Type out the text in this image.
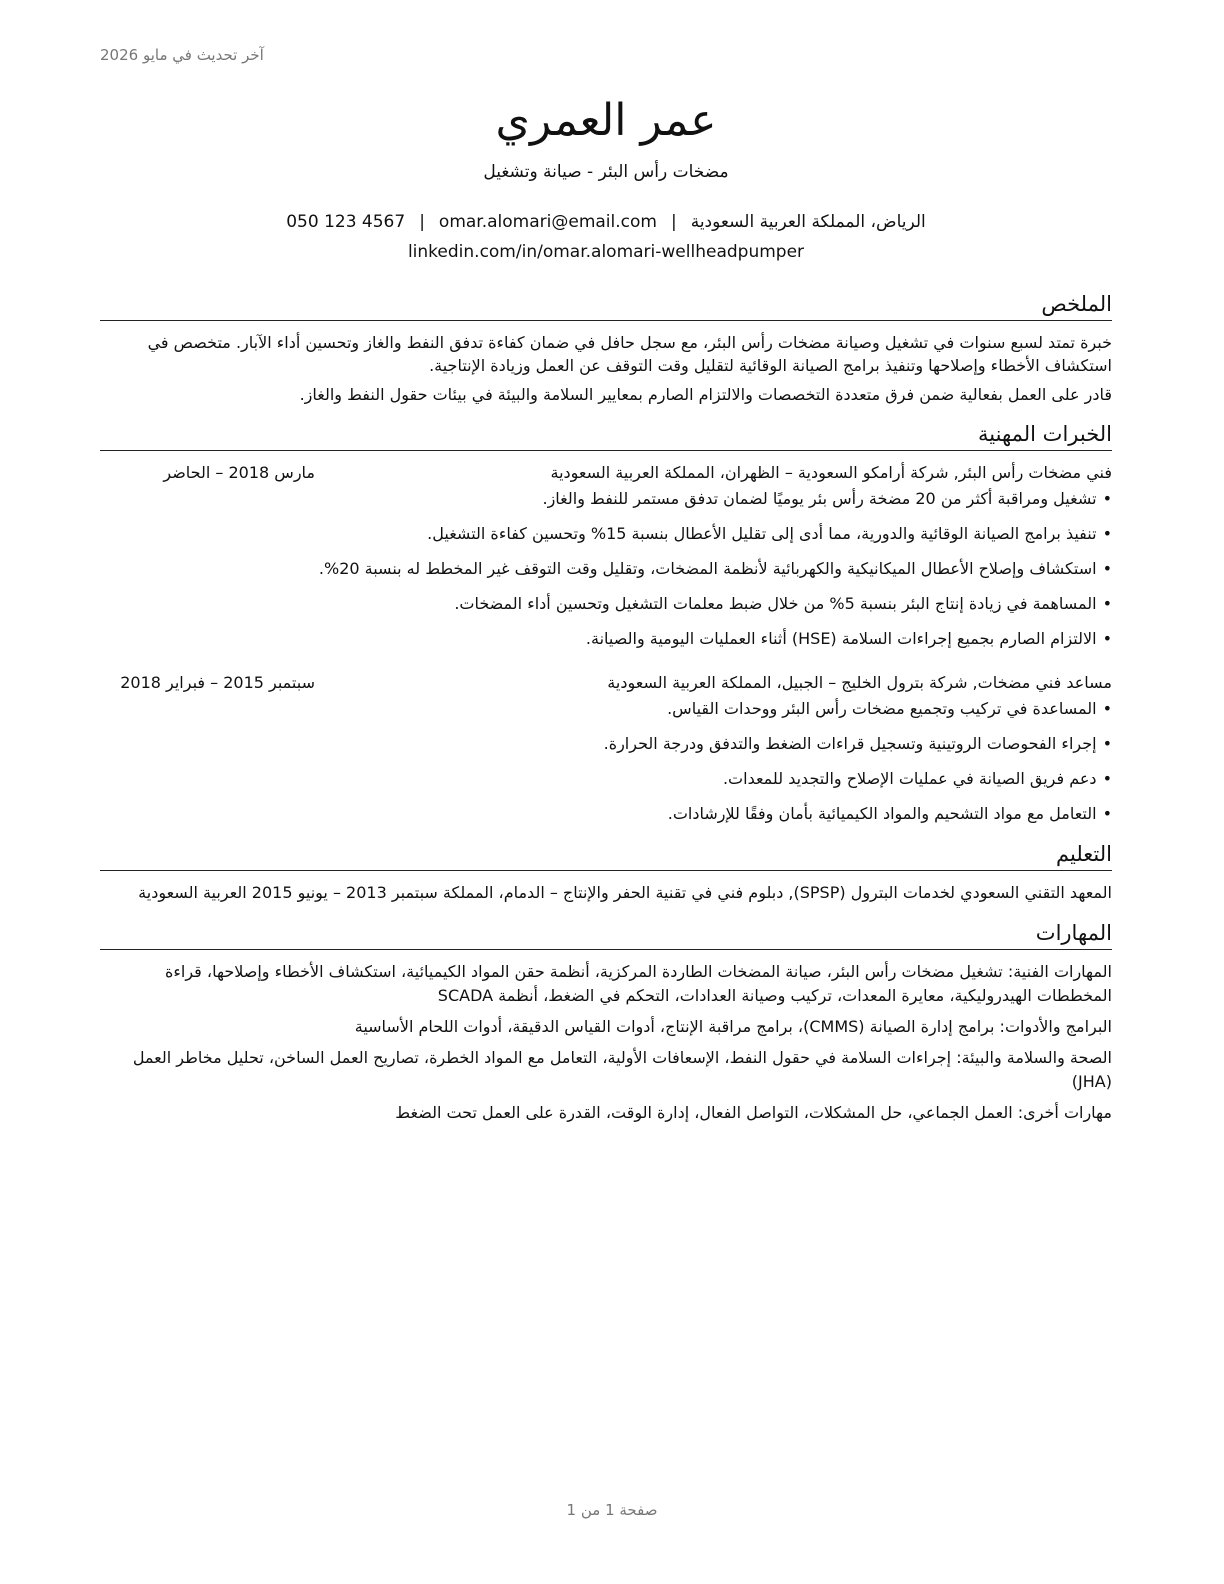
آخر تحديث في مايو 2026
عمر العمري
مضخات رأس البئر - صيانة وتشغيل
الرياض، المملكة العربية السعودية|omar.alomari@email.com|050 123 4567
linkedin.com/in/omar.alomari-wellheadpumper
الملخص

خبرة تمتد لسبع سنوات في تشغيل وصيانة مضخات رأس البئر، مع سجل حافل في ضمان كفاءة تدفق النفط والغاز وتحسين أداء الآبار. متخصص في استكشاف الأخطاء وإصلاحها وتنفيذ برامج الصيانة الوقائية لتقليل وقت التوقف عن العمل وزيادة الإنتاجية.

قادر على العمل بفعالية ضمن فرق متعددة التخصصات والالتزام الصارم بمعايير السلامة والبيئة في بيئات حقول النفط والغاز.

الخبرات المهنية
فني مضخات رأس البئر, شركة أرامكو السعودية – الظهران، المملكة العربية السعودية
مارس 2018 – الحاضر
• تشغيل ومراقبة أكثر من 20 مضخة رأس بئر يوميًا لضمان تدفق مستمر للنفط والغاز.
• تنفيذ برامج الصيانة الوقائية والدورية، مما أدى إلى تقليل الأعطال بنسبة 15% وتحسين كفاءة التشغيل.
• استكشاف وإصلاح الأعطال الميكانيكية والكهربائية لأنظمة المضخات، وتقليل وقت التوقف غير المخطط له بنسبة 20%.
• المساهمة في زيادة إنتاج البئر بنسبة 5% من خلال ضبط معلمات التشغيل وتحسين أداء المضخات.
• الالتزام الصارم بجميع إجراءات السلامة (HSE) أثناء العمليات اليومية والصيانة.
مساعد فني مضخات, شركة بترول الخليج – الجبيل، المملكة العربية السعودية
سبتمبر 2015 – فبراير 2018
• المساعدة في تركيب وتجميع مضخات رأس البئر ووحدات القياس.
• إجراء الفحوصات الروتينية وتسجيل قراءات الضغط والتدفق ودرجة الحرارة.
• دعم فريق الصيانة في عمليات الإصلاح والتجديد للمعدات.
• التعامل مع مواد التشحيم والمواد الكيميائية بأمان وفقًا للإرشادات.
التعليم
المعهد التقني السعودي لخدمات البترول (SPSP), دبلوم فني في تقنية الحفر والإنتاج – الدمام، المملكة سبتمبر 2013 – يونيو 2015 العربية السعودية
المهارات
المهارات الفنية: تشغيل مضخات رأس البئر، صيانة المضخات الطاردة المركزية، أنظمة حقن المواد الكيميائية، استكشاف الأخطاء وإصلاحها، قراءة المخططات الهيدروليكية، معايرة المعدات، تركيب وصيانة العدادات، التحكم في الضغط، أنظمة SCADA
البرامج والأدوات: برامج إدارة الصيانة (CMMS)، برامج مراقبة الإنتاج، أدوات القياس الدقيقة، أدوات اللحام الأساسية
الصحة والسلامة والبيئة: إجراءات السلامة في حقول النفط، الإسعافات الأولية، التعامل مع المواد الخطرة، تصاريح العمل الساخن، تحليل مخاطر العمل (JHA)
مهارات أخرى: العمل الجماعي، حل المشكلات، التواصل الفعال، إدارة الوقت، القدرة على العمل تحت الضغط
صفحة 1 من 1
